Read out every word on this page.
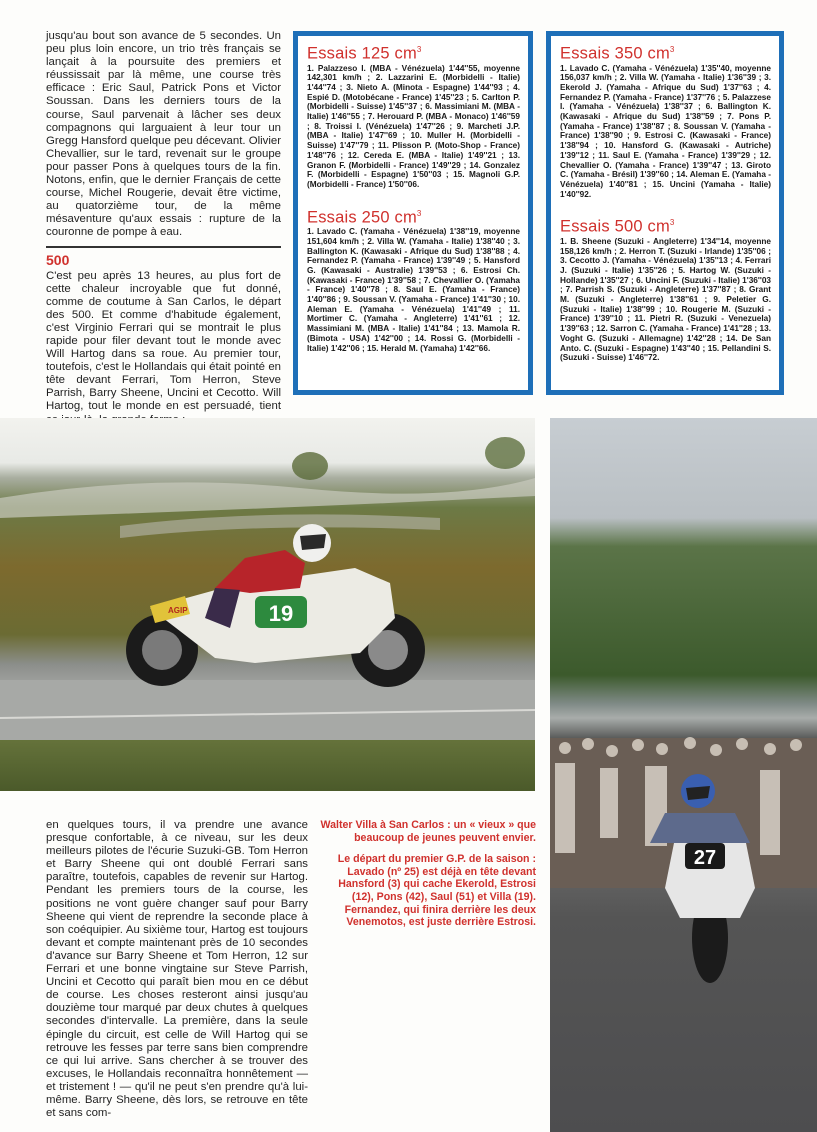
jusqu'au bout son avance de 5 secondes. Un peu plus loin encore, un trio très français se lançait à la poursuite des premiers et réussissait par là même, une course très efficace : Eric Saul, Patrick Pons et Victor Soussan. Dans les derniers tours de la course, Saul parvenait à lâcher ses deux compagnons qui larguaient à leur tour un Gregg Hansford quelque peu décevant. Olivier Chevallier, sur le tard, revenait sur le groupe pour passer Pons à quelques tours de la fin. Notons, enfin, que le dernier Français de cette course, Michel Rougerie, devait être victime, au quatorzième tour, de la même mésaventure qu'aux essais : rupture de la couronne de pompe à eau.

500

C'est peu après 13 heures, au plus fort de cette chaleur incroyable que fut donné, comme de coutume à San Carlos, le départ des 500. Et comme d'habitude également, c'est Virginio Ferrari qui se montrait le plus rapide pour filer devant tout le monde avec Will Hartog dans sa roue. Au premier tour, toutefois, c'est le Hollandais qui était pointé en tête devant Ferrari, Tom Herron, Steve Parrish, Barry Sheene, Uncini et Cecotto. Will Hartog, tout le monde en est persuadé, tient

Essais 125 $cm^3$

1. Palazzeso I. (MBA - Vénézuela) 1'44''55, moyenne 142,301 km/h ; 2. Lazzarini E. (Morbidelli - Italie) 1'44''74 ; 3. Nieto A. (Minota - Espagne) 1'44''93 ; 4. Espié D. (Motobécane - France) 1'45''23 ; 5. Carlton P. (Morbidelli - Suisse) 1'45''37 ; 6. Massimiani M. (MBA - Italie) 1'46''55 ; 7. Herouard P. (MBA - Monaco) 1'46''59 ; 8. Troissi I. (Vénézuela) 1'47''26 ; 9. Marcheti J.P. (MBA - Italie) 1'47''69 ; 10. Muller H. (Morbidelli - Suisse) 1'47''79 ; 11. Plisson P. (Moto-Shop - France) 1'48''76 ; 12. Cereda E. (MBA - Italie) 1'49''21 ; 13. Granon F. (Morbidelli - France) 1'49''29 ; 14. Gonzalez F. (Morbidelli - Espagne) 1'50''03 ; 15. Magnoli G.P. (Morbidelli - France) 1'50''06.

Essais 250 $cm^3$

1. Lavado C. (Yamaha - Vénézuela) 1'38''19, moyenne 151,604 km/h ; 2. Villa W. (Yamaha - Italie) 1'38''40 ; 3. Ballington K. (Kawasaki - Afrique du Sud) 1'38''88 ; 4. Fernandez P. (Yamaha - France) 1'39''49 ; 5. Hansford G. (Kawasaki - Australie) 1'39''53 ; 6. Estrosi Ch. (Kawasaki - France) 1'39''58 ; 7. Chevallier O. (Yamaha - France) 1'40''78 ; 8. Saul E. (Yamaha - France) 1'40''86 ; 9. Soussan V. (Yamaha - France) 1'41''30 ; 10. Aleman E. (Yamaha - Vénézuela) 1'41''49 ; 11. Mortimer C. (Yamaha - Angleterre) 1'41''61 ; 12. Massimiani M. (MBA - Italie) 1'41''84 ; 13. Mamola R. (Bimota - USA) 1'42''00 ; 14. Rossi G. (Morbidelli - Italie) 1'42''06 ; 15. Herald M. (Yamaha) 1'42''66.

Essais 350 $cm^3$

1. Lavado C. (Yamaha - Vénézuela) 1'35''40, moyenne 156,037 km/h ; 2. Villa W. (Yamaha - Italie) 1'36''39 ; 3. Ekerold J. (Yamaha - Afrique du Sud) 1'37''63 ; 4. Fernandez P. (Yamaha - France) 1'37''76 ; 5. Palazzese I. (Yamaha - Vénézuela) 1'38''37 ; 6. Ballington K. (Kawasaki - Afrique du Sud) 1'38''59 ; 7. Pons P. (Yamaha - France) 1'38''87 ; 8. Soussan V. (Yamaha - France) 1'38''90 ; 9. Estrosi C. (Kawasaki - France) 1'38''94 ; 10. Hansford G. (Kawasaki - Autriche) 1'39''12 ; 11. Saul E. (Yamaha - France) 1'39''29 ; 12. Chevallier O. (Yamaha - France) 1'39''47 ; 13. Giroto C. (Yamaha - Brésil) 1'39''60 ; 14. Aleman E. (Yamaha - Vénézuela) 1'40''81 ; 15. Uncini (Yamaha - Italie) 1'40''92.

Essais 500 $cm^3$

1. B. Sheene (Suzuki - Angleterre) 1'34''14, moyenne 158,126 km/h ; 2. Herron T. (Suzuki - Irlande) 1'35''06 ; 3. Cecotto J. (Yamaha - Vénézuela) 1'35''13 ; 4. Ferrari J. (Suzuki - Italie) 1'35''26 ; 5. Hartog W. (Suzuki - Hollande) 1'35''27 ; 6. Uncini F. (Suzuki - Italie) 1'36''03 ; 7. Parrish S. (Suzuki - Angleterre) 1'37''87 ; 8. Grant M. (Suzuki - Angleterre) 1'38''61 ; 9. Peletier G. (Suzuki - Italie) 1'38''99 ; 10. Rougerie M. (Suzuki - France) 1'39''10 ; 11. Pietri R. (Suzuki - Venezuela) 1'39''63 ; 12. Sarron C. (Yamaha - France) 1'41''28 ; 13. Voght G. (Suzuki - Allemagne) 1'42''28 ; 14. De San Anto. C. (Suzuki - Espagne) 1'43''40 ; 15. Pellandini S. (Suzuki - Suisse) 1'46''72.

19
AGIP
27

en quelques tours, il va prendre une avance presque confortable, à ce niveau, sur les deux meilleurs pilotes de l'écurie Suzuki-GB. Tom Herron et Barry Sheene qui ont doublé Ferrari sans paraître, toutefois, capables de revenir sur Hartog. Pendant les premiers tours de la course, les positions ne vont guère changer sauf pour Barry Sheene qui vient de reprendre la seconde place à son coéquipier. Au sixième tour, Hartog est toujours devant et compte maintenant près de 10 secondes d'avance sur Barry Sheene et Tom Herron, 12 sur Ferrari et une bonne vingtaine sur Steve Parrish, Uncini et Cecotto qui paraît bien mou en ce début de course. Les choses resteront ainsi jusqu'au douzième tour marqué par deux chutes à quelques secondes d'intervalle. La première, dans la seule épingle du circuit, est celle de Will Hartog qui se retrouve les fesses par terre sans bien comprendre ce qui lui arrive. Sans chercher à se trouver des excuses, le Hollandais reconnaîtra honnêtement — et tristement ! — qu'il ne peut s'en prendre qu'à lui-même. Barry Sheene, dès lors, se retrouve en tête et sans com-

Walter Villa à San Carlos : un « vieux » que beaucoup de jeunes peuvent envier.

Le départ du premier G.P. de la saison : Lavado (nº 25) est déjà en tête devant Hansford (3) qui cache Ekerold, Estrosi (12), Pons (42), Saul (51) et Villa (19). Fernandez, qui finira derrière les deux Venemotos, est juste derrière Estrosi.
